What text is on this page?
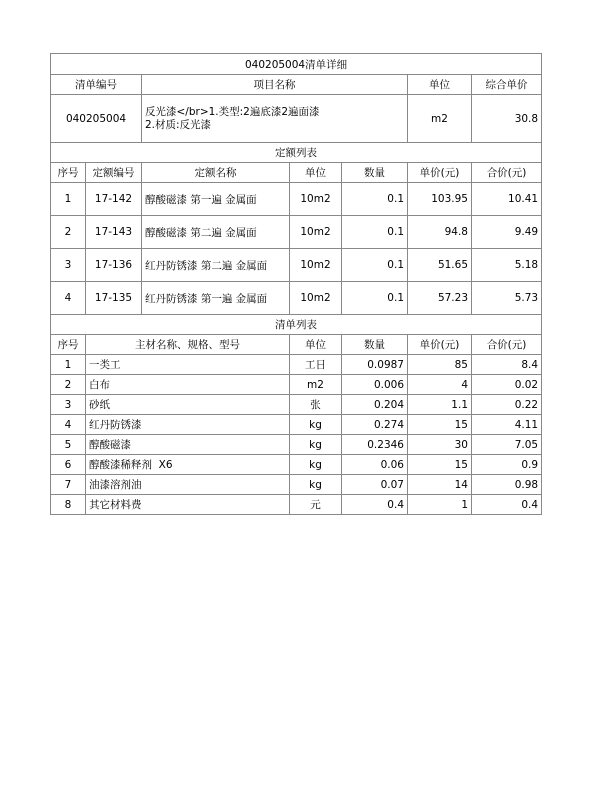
040205004清单详细						
清单编号		项目名称			单位	综合单价
040205004		反光漆</br>1.类型:2遍底漆2遍面漆
2.材质:反光漆			m2	30.8
定额列表						
序号	定额编号	定额名称	单位	数量	单价(元)	合价(元)
1	17-142	醇酸磁漆 第一遍 金属面	10m2	0.1	103.95	10.41
2	17-143	醇酸磁漆 第二遍 金属面	10m2	0.1	94.8	9.49
3	17-136	红丹防锈漆 第二遍 金属面	10m2	0.1	51.65	5.18
4	17-135	红丹防锈漆 第一遍 金属面	10m2	0.1	57.23	5.73
清单列表						
序号	主材名称、规格、型号		单位	数量	单价(元)	合价(元)
1	一类工		工日	0.0987	85	8.4
2	白布		m2	0.006	4	0.02
3	砂纸		张	0.204	1.1	0.22
4	红丹防锈漆		kg	0.274	15	4.11
5	醇酸磁漆		kg	0.2346	30	7.05
6	醇酸漆稀释剂  X6		kg	0.06	15	0.9
7	油漆溶剂油		kg	0.07	14	0.98
8	其它材料费		元	0.4	1	0.4
